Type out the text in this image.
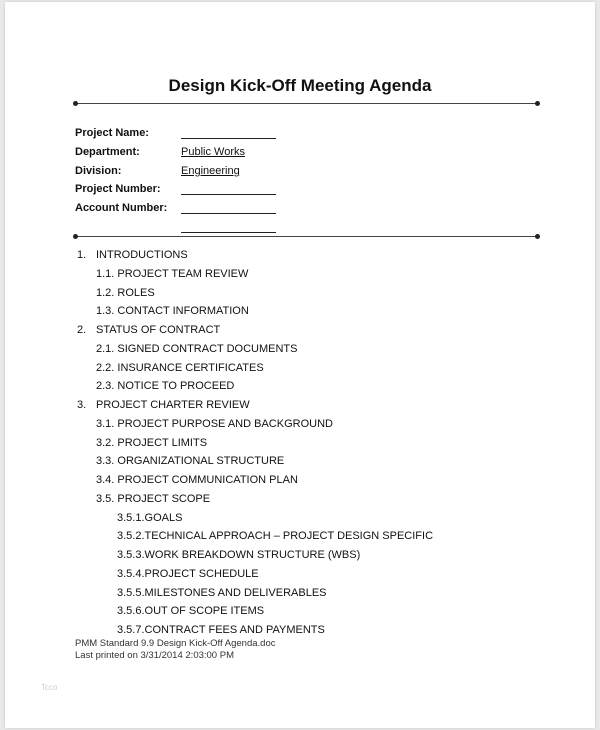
Design Kick-Off Meeting Agenda
Project Name:
Department:	Public Works
Division:	Engineering
Project Number:
Account Number:
1. INTRODUCTIONS
1.1. PROJECT TEAM REVIEW
1.2. ROLES
1.3. CONTACT INFORMATION
2. STATUS OF CONTRACT
2.1. SIGNED CONTRACT DOCUMENTS
2.2. INSURANCE CERTIFICATES
2.3. NOTICE TO PROCEED
3. PROJECT CHARTER REVIEW
3.1. PROJECT PURPOSE AND BACKGROUND
3.2. PROJECT LIMITS
3.3. ORGANIZATIONAL STRUCTURE
3.4. PROJECT COMMUNICATION PLAN
3.5. PROJECT SCOPE
3.5.1.GOALS
3.5.2.TECHNICAL APPROACH – PROJECT DESIGN SPECIFIC
3.5.3.WORK BREAKDOWN STRUCTURE (WBS)
3.5.4.PROJECT SCHEDULE
3.5.5.MILESTONES AND DELIVERABLES
3.5.6.OUT OF SCOPE ITEMS
3.5.7.CONTRACT FEES AND PAYMENTS
PMM Standard 9.9 Design Kick-Off Agenda.doc
Last printed on 3/31/2014 2:03:00 PM
Tcco
